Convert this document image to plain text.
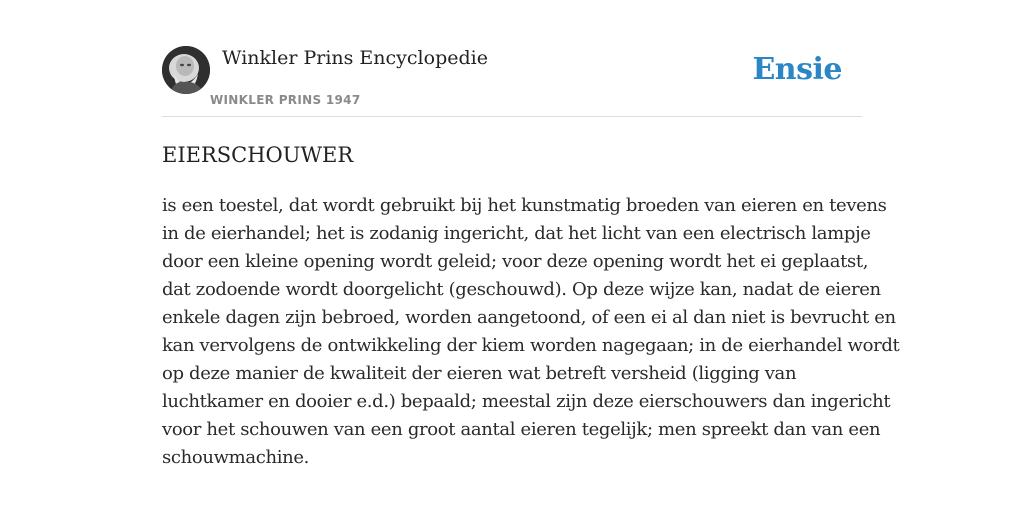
Winkler Prins Encyclopedie
WINKLER PRINS 1947
Ensie
EIERSCHOUWER
is een toestel, dat wordt gebruikt bij het kunstmatig broeden van eieren en tevens
in de eierhandel; het is zodanig ingericht, dat het licht van een electrisch lampje
door een kleine opening wordt geleid; voor deze opening wordt het ei geplaatst,
dat zodoende wordt doorgelicht (geschouwd). Op deze wijze kan, nadat de eieren
enkele dagen zijn bebroed, worden aangetoond, of een ei al dan niet is bevrucht en
kan vervolgens de ontwikkeling der kiem worden nagegaan; in de eierhandel wordt
op deze manier de kwaliteit der eieren wat betreft versheid (ligging van
luchtkamer en dooier e.d.) bepaald; meestal zijn deze eierschouwers dan ingericht
voor het schouwen van een groot aantal eieren tegelijk; men spreekt dan van een
schouwmachine.
